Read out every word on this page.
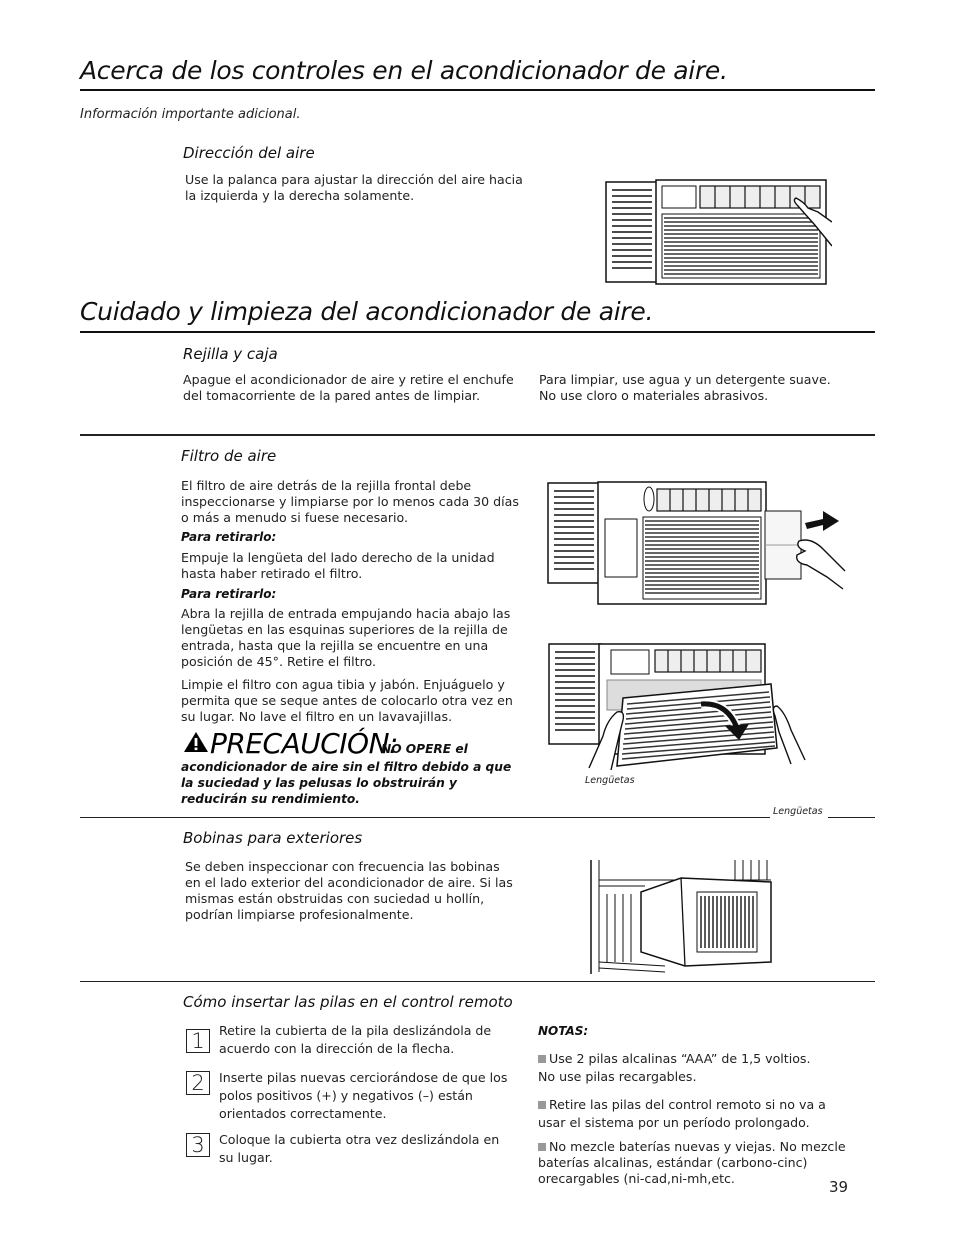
Acerca de los controles en el acondicionador de aire.
Información importante adicional.
Dirección del aire
Use la palanca para ajustar la dirección del aire hacia la izquierda y la derecha solamente.
Cuidado y limpieza del acondicionador de aire.
Rejilla y caja
Apague el acondicionador de aire y retire el enchufe del tomacorriente de la pared antes de limpiar.
Para limpiar, use agua y un detergente suave. No use cloro o materiales abrasivos.
Filtro de aire
El filtro de aire detrás de la rejilla frontal debe inspeccionarse y limpiarse por lo menos cada 30 días o más a menudo si fuese necesario.
Para retirarlo:
Empuje la lengüeta del lado derecho de la unidad hasta haber retirado el filtro.
Para retirarlo:
Abra la rejilla de entrada empujando hacia abajo las lengüetas en las esquinas superiores de la rejilla de entrada, hasta que la rejilla se encuentre en una posición de 45°. Retire el filtro.
Limpie el filtro con agua tibia y jabón. Enjuáguelo y permita que se seque antes de colocarlo otra vez en su lugar. No lave el filtro en un lavavajillas.
PRECAUCIÓN:
NO OPERE el
acondicionador de aire sin el filtro debido a que la suciedad y las pelusas lo obstruirán y reducirán su rendimiento.
Lengüetas
Lengüetas
Bobinas para exteriores
Se deben inspeccionar con frecuencia las bobinas en el lado exterior del acondicionador de aire. Si las mismas están obstruidas con suciedad u hollín, podrían limpiarse profesionalmente.
Cómo insertar las pilas en el control remoto
1	Retire la cubierta de la pila deslizándola de acuerdo con la dirección de la flecha.
2	Inserte pilas nuevas cerciorándose de que los polos positivos (+) y negativos (–) están orientados correctamente.
3	Coloque la cubierta otra vez deslizándola en su lugar.
NOTAS:
Use 2 pilas alcalinas “AAA” de 1,5 voltios. No use pilas recargables.
Retire las pilas del control remoto si no va a usar el sistema por un período prolongado.
No mezcle baterías nuevas y viejas. No mezcle baterías alcalinas, estándar (carbono-cinc) orecargables (ni-cad,ni-mh,etc.	39
